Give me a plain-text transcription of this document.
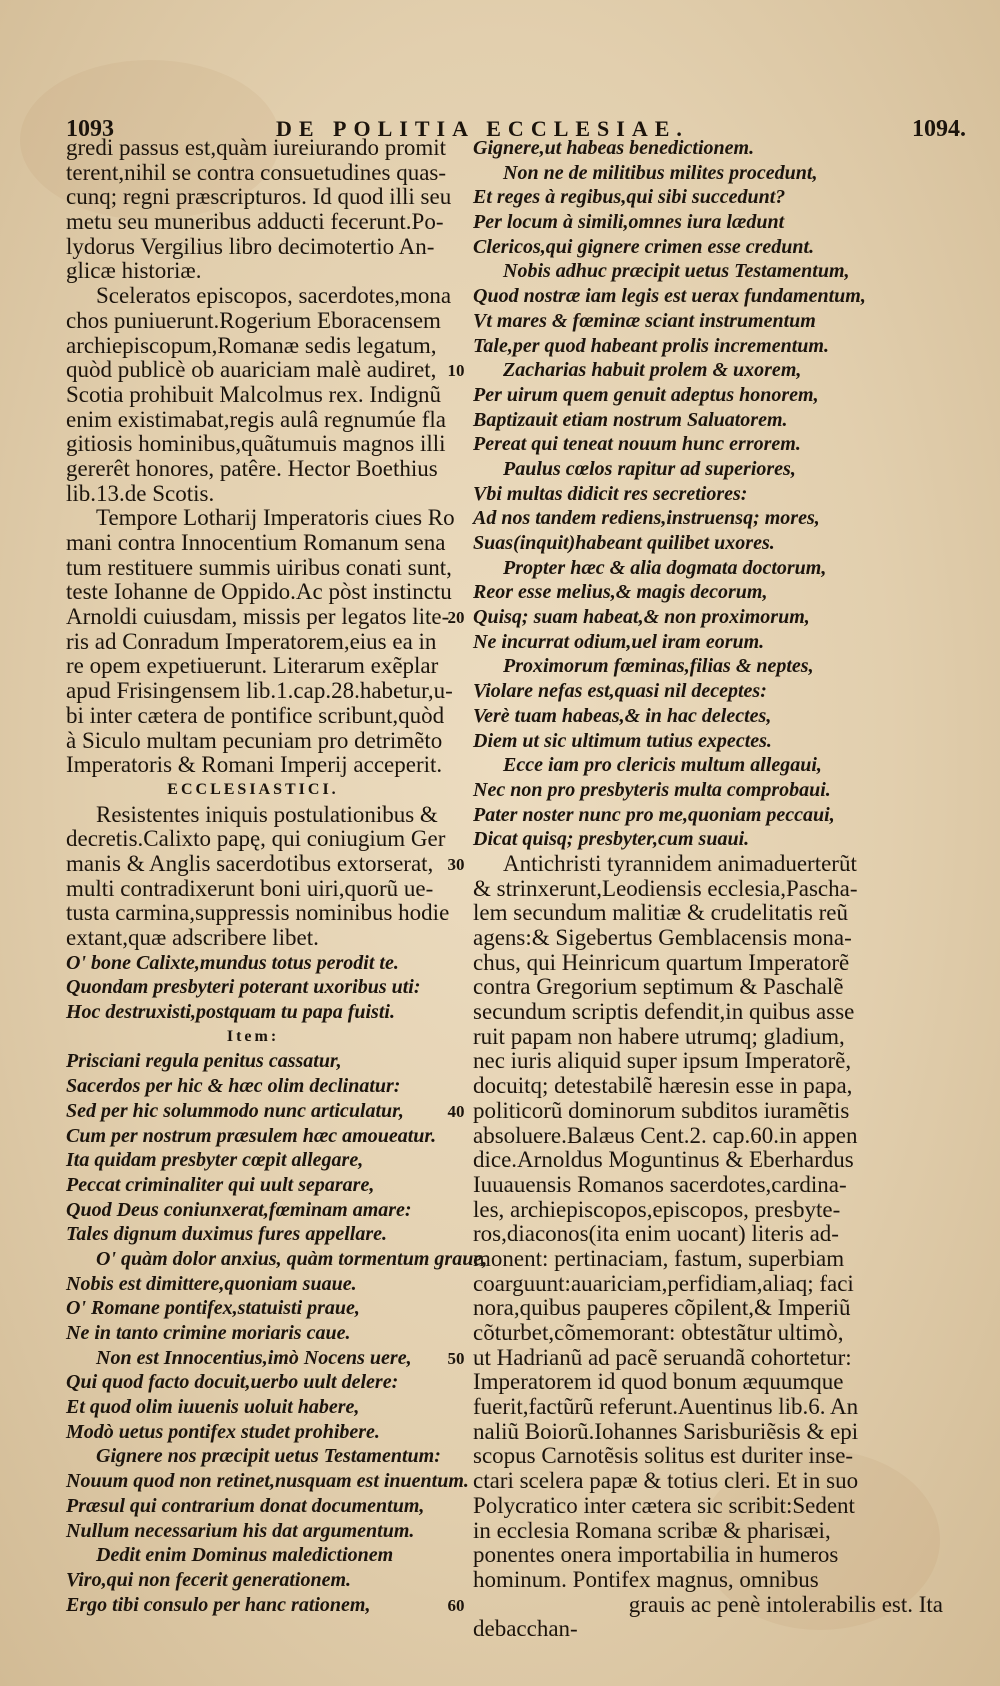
1093	DE POLITIA ECCLESIAE.	1094.
gredi passus est,quàm iureiurando promit
terent,nihil se contra consuetudines quas-
cunq; regni præscripturos. Id quod illi seu
metu seu muneribus adducti fecerunt.Po-
lydorus Vergilius libro decimotertio An-
glicæ historiæ.
Sceleratos episcopos, sacerdotes,mona
chos puniuerunt.Rogerium Eboracensem
archiepiscopum,Romanæ sedis legatum,
quòd publicè ob auariciam malè audiret,
Scotia prohibuit Malcolmus rex. Indignũ
enim existimabat,regis aulâ regnumúe fla
gitiosis hominibus,quãtumuis magnos illi
gererêt honores, patêre. Hector Boethius
lib.13.de Scotis.
Tempore Lotharij Imperatoris ciues Ro
mani contra Innocentium Romanum sena
tum restituere summis uiribus conati sunt,
teste Iohanne de Oppido.Ac pòst instinctu
Arnoldi cuiusdam, missis per legatos lite-
ris ad Conradum Imperatorem,eius ea in
re opem expetiuerunt. Literarum exẽplar
apud Frisingensem lib.1.cap.28.habetur,u-
bi inter cætera de pontifice scribunt,quòd
à Siculo multam pecuniam pro detrimẽto
Imperatoris & Romani Imperij acceperit.
ECCLESIASTICI.
Resistentes iniquis postulationibus &
decretis.Calixto papę, qui coniugium Ger
manis & Anglis sacerdotibus extorserat,
multi contradixerunt boni uiri,quorũ ue-
tusta carmina,suppressis nominibus hodie
extant,quæ adscribere libet.
O' bone Calixte,mundus totus perodit te.
Quondam presbyteri poterant uxoribus uti:
Hoc destruxisti,postquam tu papa fuisti.
Item:
Prisciani regula penitus cassatur,
Sacerdos per hic & hæc olim declinatur:
Sed per hic solummodo nunc articulatur,
Cum per nostrum præsulem hæc amoueatur.
Ita quidam presbyter cœpit allegare,
Peccat criminaliter qui uult separare,
Quod Deus coniunxerat,fœminam amare:
Tales dignum duximus fures appellare.
O' quàm dolor anxius, quàm tormentum graue,
Nobis est dimittere,quoniam suaue.
O' Romane pontifex,statuisti praue,
Ne in tanto crimine moriaris caue.
Non est Innocentius,imò Nocens uere,
Qui quod facto docuit,uerbo uult delere:
Et quod olim iuuenis uoluit habere,
Modò uetus pontifex studet prohibere.
Gignere nos præcipit uetus Testamentum:
Nouum quod non retinet,nusquam est inuentum.
Præsul qui contrarium donat documentum,
Nullum necessarium his dat argumentum.
Dedit enim Dominus maledictionem
Viro,qui non fecerit generationem.
Ergo tibi consulo per hanc rationem,
Gignere,ut habeas benedictionem.
Non ne de militibus milites procedunt,
Et reges à regibus,qui sibi succedunt?
Per locum à simili,omnes iura lædunt
Clericos,qui gignere crimen esse credunt.
Nobis adhuc præcipit uetus Testamentum,
Quod nostræ iam legis est uerax fundamentum,
Vt mares & fœminæ sciant instrumentum
Tale,per quod habeant prolis incrementum.
Zacharias habuit prolem & uxorem,
Per uirum quem genuit adeptus honorem,
Baptizauit etiam nostrum Saluatorem.
Pereat qui teneat nouum hunc errorem.
Paulus cœlos rapitur ad superiores,
Vbi multas didicit res secretiores:
Ad nos tandem rediens,instruensq; mores,
Suas(inquit)habeant quilibet uxores.
Propter hæc & alia dogmata doctorum,
Reor esse melius,& magis decorum,
Quisq; suam habeat,& non proximorum,
Ne incurrat odium,uel iram eorum.
Proximorum fœminas,filias & neptes,
Violare nefas est,quasi nil deceptes:
Verè tuam habeas,& in hac delectes,
Diem ut sic ultimum tutius expectes.
Ecce iam pro clericis multum allegaui,
Nec non pro presbyteris multa comprobaui.
Pater noster nunc pro me,quoniam peccaui,
Dicat quisq; presbyter,cum suaui.
Antichristi tyrannidem animaduerterũt
& strinxerunt,Leodiensis ecclesia,Pascha-
lem secundum malitiæ & crudelitatis reũ
agens:& Sigebertus Gemblacensis mona-
chus, qui Heinricum quartum Imperatorẽ
contra Gregorium septimum & Paschalẽ
secundum scriptis defendit,in quibus asse
ruit papam non habere utrumq; gladium,
nec iuris aliquid super ipsum Imperatorẽ,
docuitq; detestabilẽ hæresin esse in papa,
politicorũ dominorum subditos iuramẽtis
absoluere.Balæus Cent.2. cap.60.in appen
dice.Arnoldus Moguntinus & Eberhardus
Iuuauensis Romanos sacerdotes,cardina-
les, archiepiscopos,episcopos, presbyte-
ros,diaconos(ita enim uocant) literis ad-
monent: pertinaciam, fastum, superbiam
coarguunt:auariciam,perfidiam,aliaq; faci
nora,quibus pauperes cõpilent,& Imperiũ
cõturbet,cõmemorant: obtestãtur ultimò,
ut Hadrianũ ad pacẽ seruandã cohortetur:
Imperatorem id quod bonum æquumque
fuerit,factũrũ referunt.Auentinus lib.6. An
naliũ Boiorũ.Iohannes Sarisburiẽsis & epi
scopus Carnotẽsis solitus est duriter inse-
ctari scelera papæ & totius cleri. Et in suo
Polycratico inter cætera sic scribit:Sedent
in ecclesia Romana scribæ & pharisæi,
ponentes onera importabilia in humeros
hominum. Pontifex magnus, omnibus
grauis ac penè intolerabilis est. Ita
debacchan-
10
20
30
40
50
60
